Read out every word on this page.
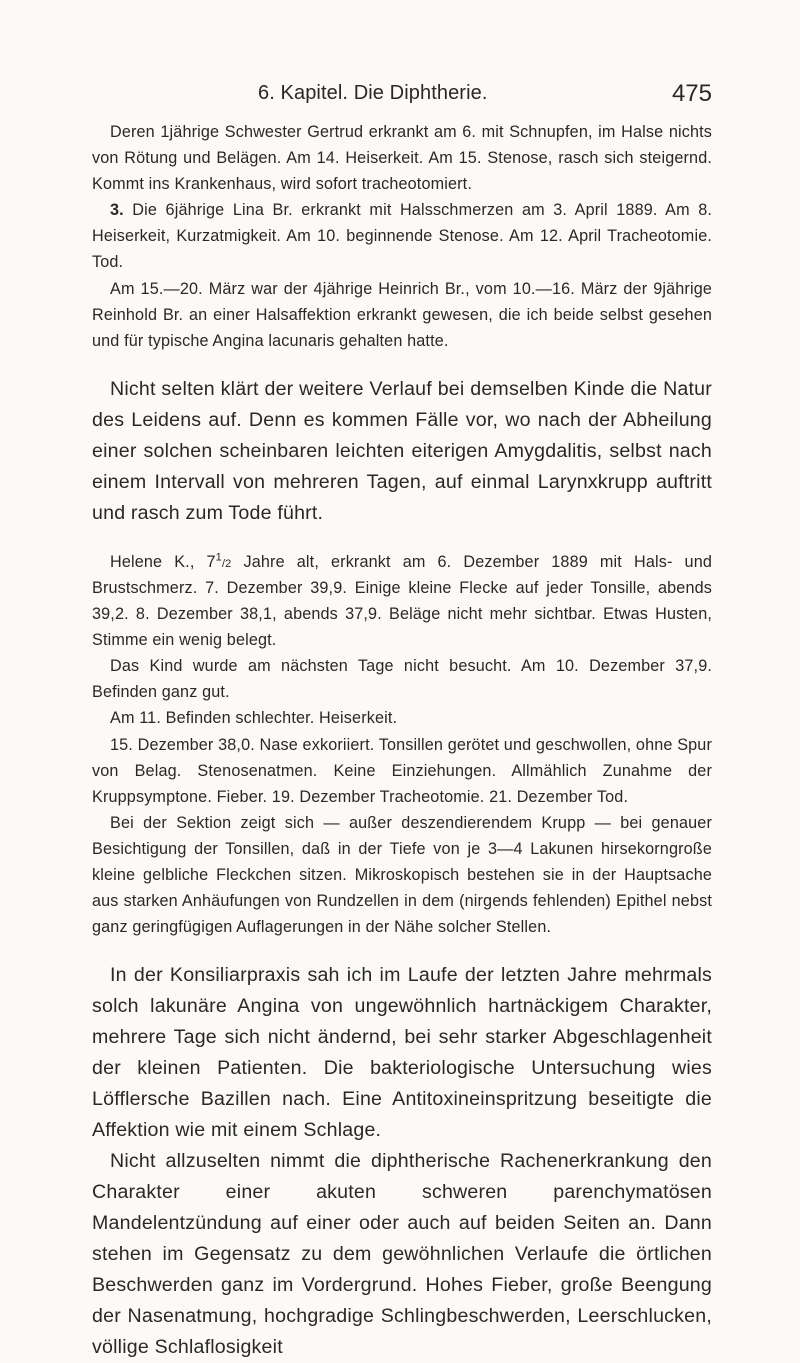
6. Kapitel. Die Diphtherie.	475

Deren 1jährige Schwester Gertrud erkrankt am 6. mit Schnupfen, im Halse nichts von Rötung und Belägen. Am 14. Heiserkeit. Am 15. Stenose, rasch sich steigernd. Kommt ins Krankenhaus, wird sofort tracheotomiert.

3. Die 6jährige Lina Br. erkrankt mit Halsschmerzen am 3. April 1889. Am 8. Heiserkeit, Kurzatmigkeit. Am 10. beginnende Stenose. Am 12. April Tracheotomie. Tod.

Am 15.—20. März war der 4jährige Heinrich Br., vom 10.—16. März der 9jährige Reinhold Br. an einer Halsaffektion erkrankt gewesen, die ich beide selbst gesehen und für typische Angina lacunaris gehalten hatte.

Nicht selten klärt der weitere Verlauf bei demselben Kinde die Natur des Leidens auf. Denn es kommen Fälle vor, wo nach der Abheilung einer solchen scheinbaren leichten eiterigen Amygdalitis, selbst nach einem Intervall von mehreren Tagen, auf einmal Larynxkrupp auftritt und rasch zum Tode führt.

Helene K., $7^1/2$ Jahre alt, erkrankt am 6. Dezember 1889 mit Hals- und Brustschmerz. 7. Dezember 39,9. Einige kleine Flecke auf jeder Tonsille, abends 39,2. 8. Dezember 38,1, abends 37,9. Beläge nicht mehr sichtbar. Etwas Husten, Stimme ein wenig belegt.

Das Kind wurde am nächsten Tage nicht besucht. Am 10. Dezember 37,9. Befinden ganz gut.

Am 11. Befinden schlechter. Heiserkeit.

15. Dezember 38,0. Nase exkoriiert. Tonsillen gerötet und geschwollen, ohne Spur von Belag. Stenosenatmen. Keine Einziehungen. Allmählich Zunahme der Kruppsymptone. Fieber. 19. Dezember Tracheotomie. 21. Dezember Tod.

Bei der Sektion zeigt sich — außer deszendierendem Krupp — bei genauer Besichtigung der Tonsillen, daß in der Tiefe von je 3—4 Lakunen hirsekorngroße kleine gelbliche Fleckchen sitzen. Mikroskopisch bestehen sie in der Hauptsache aus starken Anhäufungen von Rundzellen in dem (nirgends fehlenden) Epithel nebst ganz geringfügigen Auflagerungen in der Nähe solcher Stellen.

In der Konsiliarpraxis sah ich im Laufe der letzten Jahre mehrmals solch lakunäre Angina von ungewöhnlich hartnäckigem Charakter, mehrere Tage sich nicht ändernd, bei sehr starker Abgeschlagenheit der kleinen Patienten. Die bakteriologische Untersuchung wies Löfflersche Bazillen nach. Eine Antitoxineinspritzung beseitigte die Affektion wie mit einem Schlage.

Nicht allzuselten nimmt die diphtherische Rachenerkrankung den Charakter einer akuten schweren parenchymatösen Mandelentzündung auf einer oder auch auf beiden Seiten an. Dann stehen im Gegensatz zu dem gewöhnlichen Verlaufe die örtlichen Beschwerden ganz im Vordergrund. Hohes Fieber, große Beengung der Nasenatmung, hochgradige Schlingbeschwerden, Leerschlucken, völlige Schlaflosigkeit
